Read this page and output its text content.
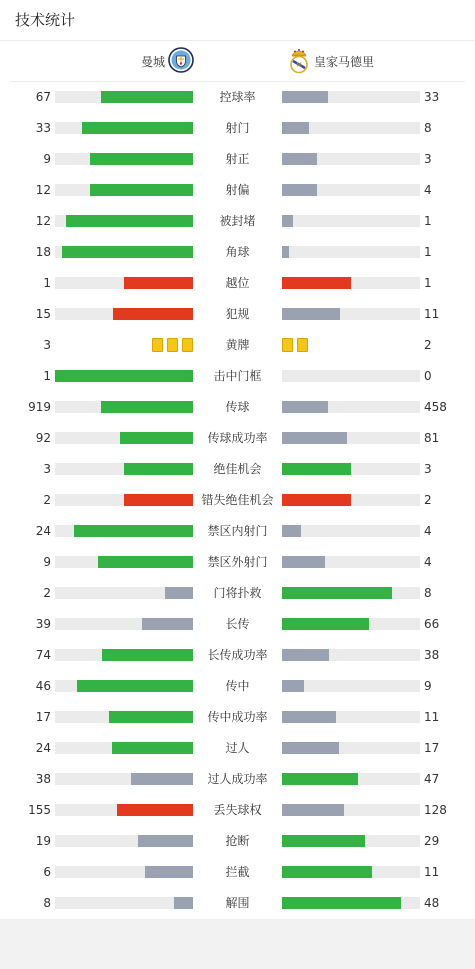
技术统计
曼城	M 皇家马德里
67	控球率	33
33	射门	8
9	射正	3
12	射偏	4
12	被封堵	1
18	角球	1
1	越位	1
15	犯规	11
3	黄牌	2
1	击中门框	0
919	传球	458
92	传球成功率	81
3	绝佳机会	3
2	错失绝佳机会	2
24	禁区内射门	4
9	禁区外射门	4
2	门将扑救	8
39	长传	66
74	长传成功率	38
46	传中	9
17	传中成功率	11
24	过人	17
38	过人成功率	47
155	丢失球权	128
19	抢断	29
6	拦截	11
8	解围	48
